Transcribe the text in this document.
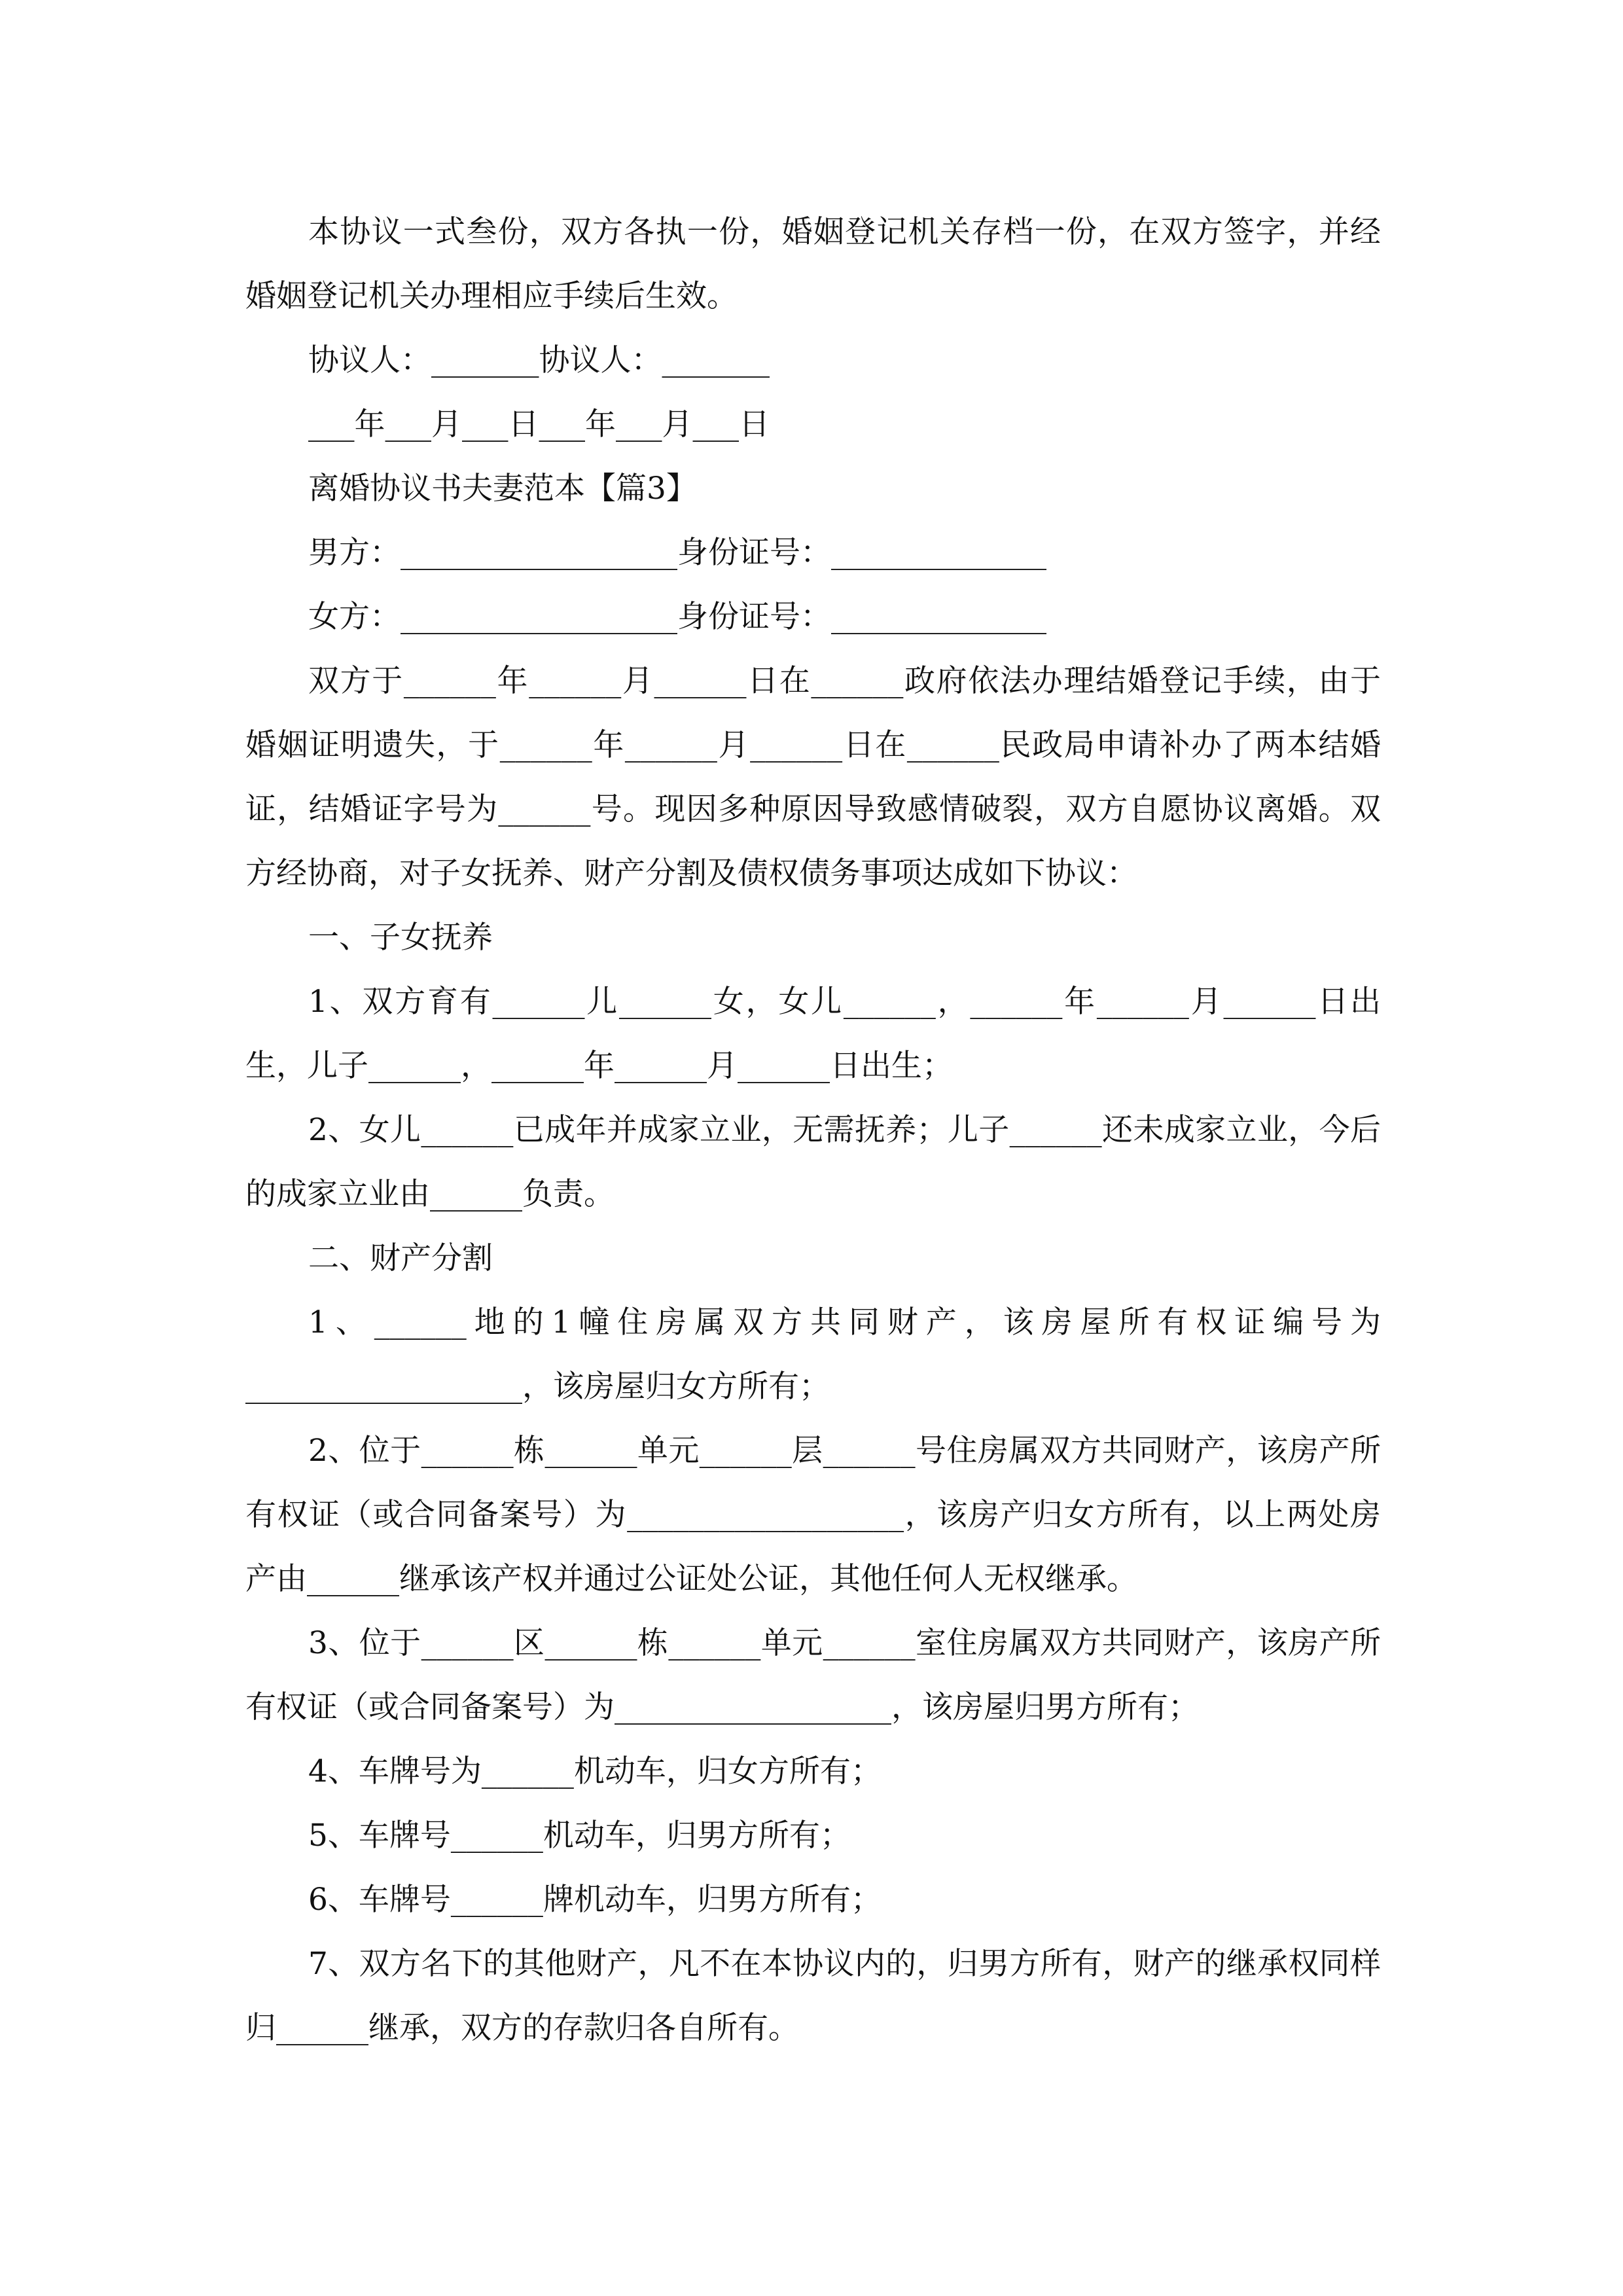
本协议一式叁份，双方各执一份，婚姻登记机关存档一份，在双方签字，并经婚姻登记机关办理相应手续后生效。

协议人：_______协议人：_______

___年___月___日___年___月___日

离婚协议书夫妻范本【篇3】

男方：__________________身份证号：______________

女方：__________________身份证号：______________

双方于______年______月______日在______政府依法办理结婚登记手续，由于婚姻证明遗失，于______年______月______日在______民政局申请补办了两本结婚证，结婚证字号为______号。现因多种原因导致感情破裂，双方自愿协议离婚。双方经协商，对子女抚养、财产分割及债权债务事项达成如下协议：

一、子女抚养

1、双方育有______儿______女，女儿______，______年______月______日出生，儿子______，______年______月______日出生；

2、女儿______已成年并成家立业，无需抚养；儿子______还未成家立业，今后的成家立业由______负责。

二、财产分割

1、______地的1幢住房属双方共同财产，该房屋所有权证编号为__________________，该房屋归女方所有；

2、位于______栋______单元______层______号住房属双方共同财产，该房产所有权证（或合同备案号）为__________________，该房产归女方所有，以上两处房产由______继承该产权并通过公证处公证，其他任何人无权继承。

3、位于______区______栋______单元______室住房属双方共同财产，该房产所有权证（或合同备案号）为__________________，该房屋归男方所有；

4、车牌号为______机动车，归女方所有；

5、车牌号______机动车，归男方所有；

6、车牌号______牌机动车，归男方所有；

7、双方名下的其他财产，凡不在本协议内的，归男方所有，财产的继承权同样归______继承，双方的存款归各自所有。
